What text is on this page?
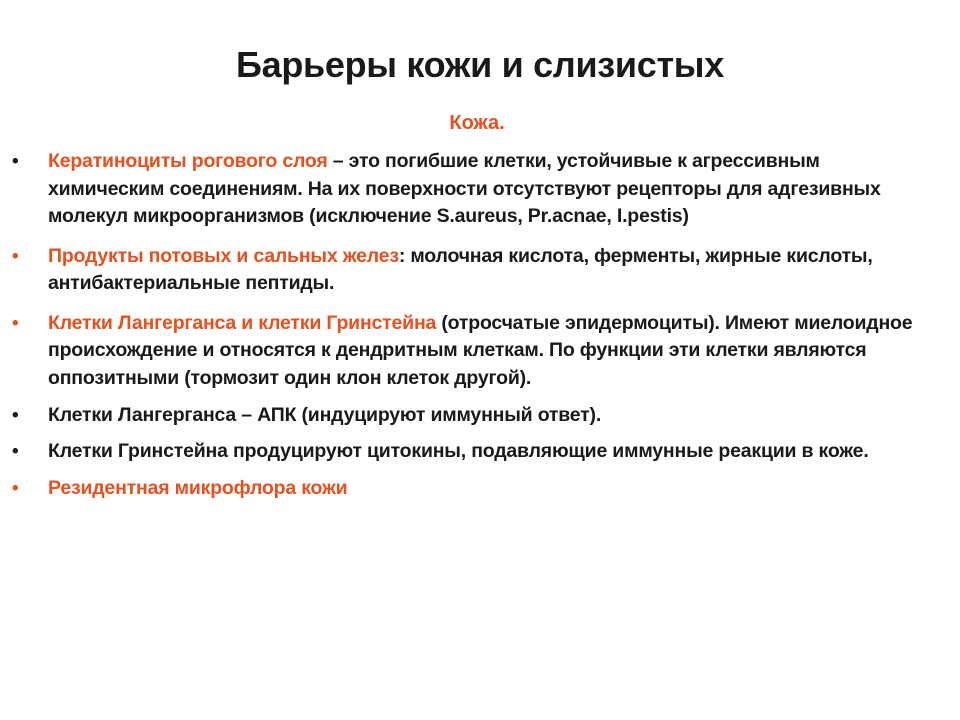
Барьеры кожи и слизистых
Кожа.
• Кератиноциты рогового слоя – это погибшие клетки, устойчивые к агрессивным химическим соединениям. На их поверхности отсутствуют рецепторы для адгезивных молекул микроорганизмов (исключение S.aureus, Pr.acnae, I.pestis)
• Продукты потовых и сальных желез: молочная кислота, ферменты, жирные кислоты, антибактериальные пептиды.
• Клетки Лангерганса и клетки Гринстейна (отросчатые эпидермоциты). Имеют миелоидное происхождение и относятся к дендритным клеткам. По функции эти клетки являются оппозитными (тормозит один клон клеток другой).
• Клетки Лангерганса – АПК (индуцируют иммунный ответ).
• Клетки Гринстейна продуцируют цитокины, подавляющие иммунные реакции в коже.
• Резидентная микрофлора кожи
